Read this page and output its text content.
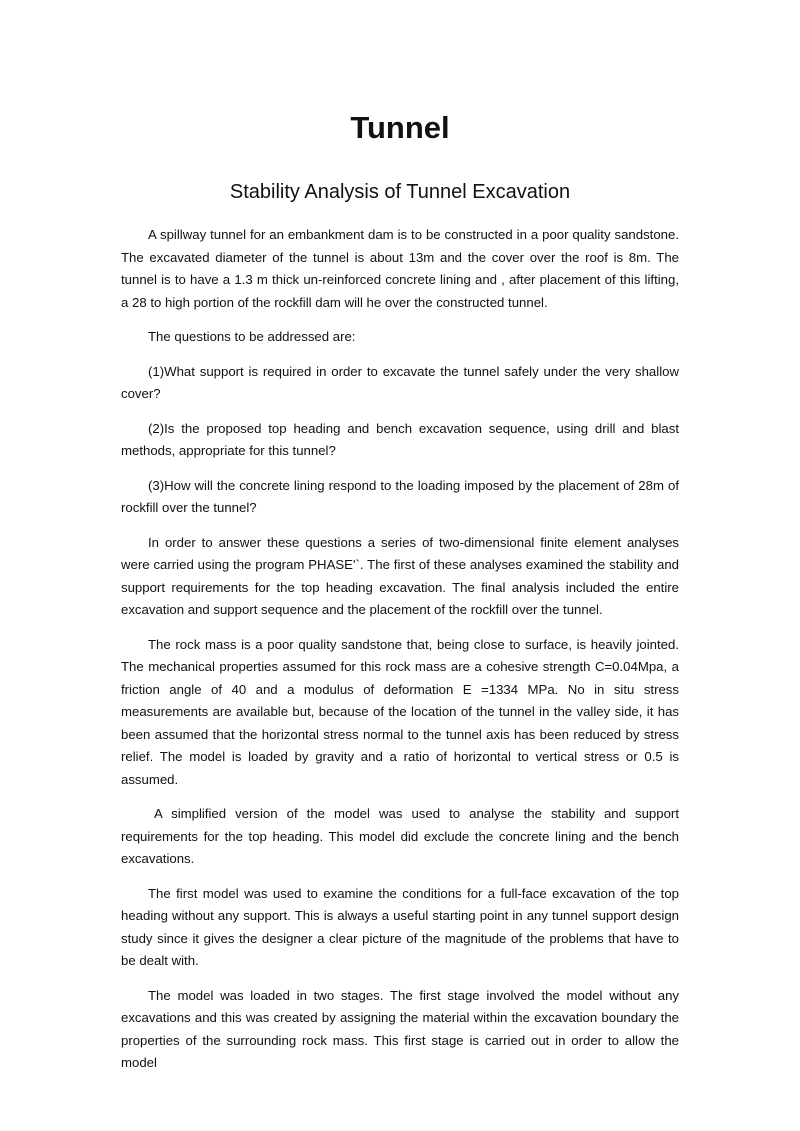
Tunnel
Stability Analysis of Tunnel Excavation

A spillway tunnel for an embankment dam is to be constructed in a poor quality sandstone. The excavated diameter of the tunnel is about 13m and the cover over the roof is 8m. The tunnel is to have a 1.3 m thick un-reinforced concrete lining and , after placement of this lifting, a 28 to high portion of the rockfill dam will he over the constructed tunnel.

The questions to be addressed are:

(1)What support is required in order to excavate the tunnel safely under the very shallow cover?

(2)Is the proposed top heading and bench excavation sequence, using drill and blast methods, appropriate for this tunnel?

(3)How will the concrete lining respond to the loading imposed by the placement of 28m of rockfill over the tunnel?

In order to answer these questions a series of two-dimensional finite element analyses were carried using the program PHASE'`. The first of these analyses examined the stability and support requirements for the top heading excavation. The final analysis included the entire excavation and support sequence and the placement of the rockfill over the tunnel.

The rock mass is a poor quality sandstone that, being close to surface, is heavily jointed. The mechanical properties assumed for this rock mass are a cohesive strength C=0.04Mpa, a friction angle of 40 and a modulus of deformation E =1334 MPa. No in situ stress measurements are available but, because of the location of the tunnel in the valley side, it has been assumed that the horizontal stress normal to the tunnel axis has been reduced by stress relief. The model is loaded by gravity and a ratio of horizontal to vertical stress or 0.5 is assumed.

A simplified version of the model was used to analyse the stability and support requirements for the top heading. This model did exclude the concrete lining and the bench excavations.

The first model was used to examine the conditions for a full-face excavation of the top heading without any support. This is always a useful starting point in any tunnel support design study since it gives the designer a clear picture of the magnitude of the problems that have to be dealt with.

The model was loaded in two stages. The first stage involved the model without any excavations and this was created by assigning the material within the excavation boundary the properties of the surrounding rock mass. This first stage is carried out in order to allow the model
